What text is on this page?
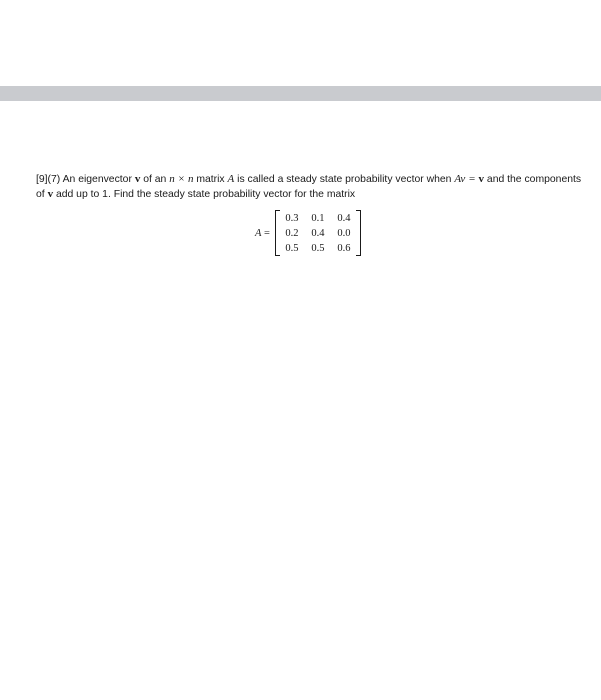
[9](7) An eigenvector v of an n × n matrix A is called a steady state probability vector when Av = v and the components of v add up to 1. Find the steady state probability vector for the matrix
A =
0.3	0.1	0.4
0.2	0.4	0.0
0.5	0.5	0.6
